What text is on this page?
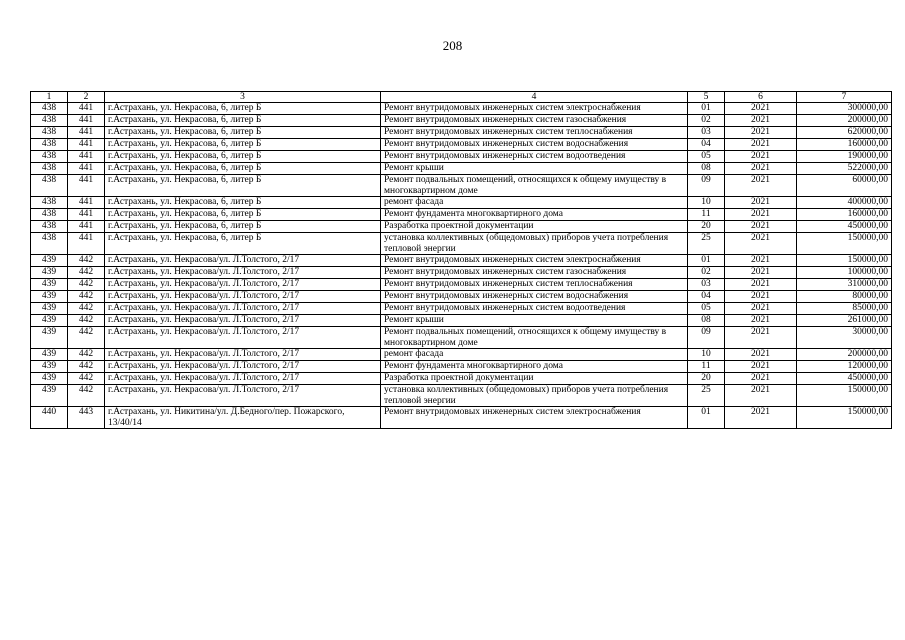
208
1	2	3	4	5	6	7
438	441	г.Астрахань, ул. Некрасова, 6, литер Б	Ремонт внутридомовых инженерных систем электроснабжения	01	2021	300000,00
438	441	г.Астрахань, ул. Некрасова, 6, литер Б	Ремонт внутридомовых инженерных систем газоснабжения	02	2021	200000,00
438	441	г.Астрахань, ул. Некрасова, 6, литер Б	Ремонт внутридомовых инженерных систем теплоснабжения	03	2021	620000,00
438	441	г.Астрахань, ул. Некрасова, 6, литер Б	Ремонт внутридомовых инженерных систем водоснабжения	04	2021	160000,00
438	441	г.Астрахань, ул. Некрасова, 6, литер Б	Ремонт внутридомовых инженерных систем водоотведения	05	2021	190000,00
438	441	г.Астрахань, ул. Некрасова, 6, литер Б	Ремонт крыши	08	2021	522000,00
438	441	г.Астрахань, ул. Некрасова, 6, литер Б	Ремонт подвальных помещений, относящихся к общему имуществу в многоквартирном доме	09	2021	60000,00
438	441	г.Астрахань, ул. Некрасова, 6, литер Б	ремонт фасада	10	2021	400000,00
438	441	г.Астрахань, ул. Некрасова, 6, литер Б	Ремонт фундамента многоквартирного дома	11	2021	160000,00
438	441	г.Астрахань, ул. Некрасова, 6, литер Б	Разработка проектной документации	20	2021	450000,00
438	441	г.Астрахань, ул. Некрасова, 6, литер Б	установка коллективных (общедомовых) приборов учета потребления тепловой энергии	25	2021	150000,00
439	442	г.Астрахань, ул. Некрасова/ул. Л.Толстого, 2/17	Ремонт внутридомовых инженерных систем электроснабжения	01	2021	150000,00
439	442	г.Астрахань, ул. Некрасова/ул. Л.Толстого, 2/17	Ремонт внутридомовых инженерных систем газоснабжения	02	2021	100000,00
439	442	г.Астрахань, ул. Некрасова/ул. Л.Толстого, 2/17	Ремонт внутридомовых инженерных систем теплоснабжения	03	2021	310000,00
439	442	г.Астрахань, ул. Некрасова/ул. Л.Толстого, 2/17	Ремонт внутридомовых инженерных систем водоснабжения	04	2021	80000,00
439	442	г.Астрахань, ул. Некрасова/ул. Л.Толстого, 2/17	Ремонт внутридомовых инженерных систем водоотведения	05	2021	85000,00
439	442	г.Астрахань, ул. Некрасова/ул. Л.Толстого, 2/17	Ремонт крыши	08	2021	261000,00
439	442	г.Астрахань, ул. Некрасова/ул. Л.Толстого, 2/17	Ремонт подвальных помещений, относящихся к общему имуществу в многоквартирном доме	09	2021	30000,00
439	442	г.Астрахань, ул. Некрасова/ул. Л.Толстого, 2/17	ремонт фасада	10	2021	200000,00
439	442	г.Астрахань, ул. Некрасова/ул. Л.Толстого, 2/17	Ремонт фундамента многоквартирного дома	11	2021	120000,00
439	442	г.Астрахань, ул. Некрасова/ул. Л.Толстого, 2/17	Разработка проектной документации	20	2021	450000,00
439	442	г.Астрахань, ул. Некрасова/ул. Л.Толстого, 2/17	установка коллективных (общедомовых) приборов учета потребления тепловой энергии	25	2021	150000,00
440	443	г.Астрахань, ул. Никитина/ул. Д.Бедного/пер. Пожарского, 13/40/14	Ремонт внутридомовых инженерных систем электроснабжения	01	2021	150000,00
